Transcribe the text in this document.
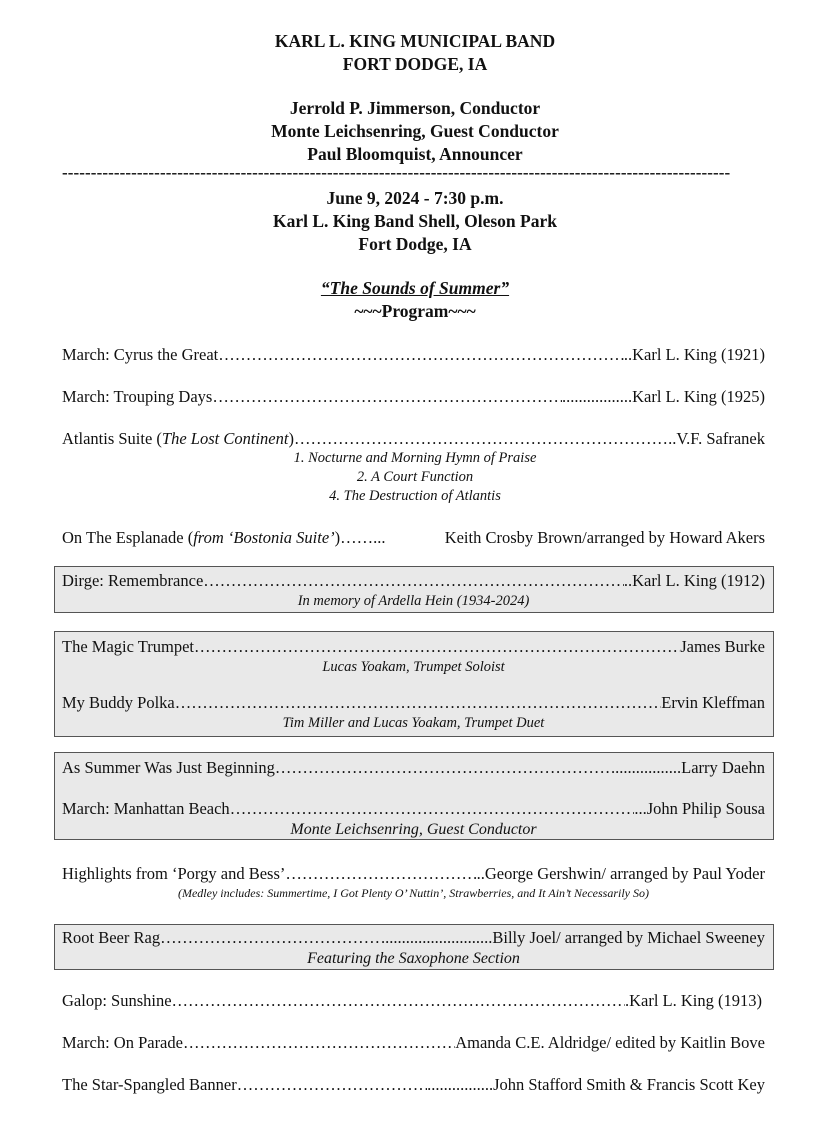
KARL L. KING MUNICIPAL BAND
FORT DODGE, IA
Jerrold P. Jimmerson, Conductor
Monte Leichsenring, Guest Conductor
Paul Bloomquist, Announcer
--------------------------------------------------------------------------------------------------------------------
June 9, 2024 - 7:30 p.m.
Karl L. King Band Shell, Oleson Park
Fort Dodge, IA
“The Sounds of Summer”
~~~Program~~~
March: Cyrus the Great ……………………………………………………………………………………………………………………………………………	..Karl L. King (1921)
March: Trouping Days ……………………………………………………………………………………………………………………………………………	.................Karl L. King (1925)
Atlantis Suite (The Lost Continent) ……………………………………………………………………………………………………………………………………………	..V.F. Safranek
1. Nocturne and Morning Hymn of Praise
2. A Court Function
4. The Destruction of Atlantis
On The Esplanade (from ‘Bostonia Suite’)……...	Keith Crosby Brown/arranged by Howard Akers
Dirge: Remembrance ……………………………………………………………………………………………………………………………………………	..Karl L. King (1912)
In memory of Ardella Hein (1934-2024)
The Magic Trumpet ……………………………………………………………………………………………………………………………………………	James Burke
Lucas Yoakam, Trumpet Soloist
My Buddy Polka ……………………………………………………………………………………………………………………………………………	Ervin Kleffman
Tim Miller and Lucas Yoakam, Trumpet Duet
As Summer Was Just Beginning ……………………………………………………………………………………………………………………………………………	.................Larry Daehn
March: Manhattan Beach ……………………………………………………………………………………………………………………………………………	...John Philip Sousa
Monte Leichsenring, Guest Conductor
Highlights from ‘Porgy and Bess’ ……………………………………………………………………………………………………………………………………………	..George Gershwin/ arranged by Paul Yoder
(Medley includes: Summertime, I Got Plenty O’ Nuttin’, Strawberries, and It Ain’t Necessarily So)
Root Beer Rag ……………………………………………………………………………………………………………………………………………	...........................Billy Joel/ arranged by Michael Sweeney
Featuring the Saxophone Section
Galop: Sunshine ……………………………………………………………………………………………………………………………………………	.Karl L. King (1913)
March: On Parade ……………………………………………………………………………………………………………………………………………	Amanda C.E. Aldridge/ edited by Kaitlin Bove
The Star-Spangled Banner ……………………………………………………………………………………………………………………………………………	................John Stafford Smith & Francis Scott Key
